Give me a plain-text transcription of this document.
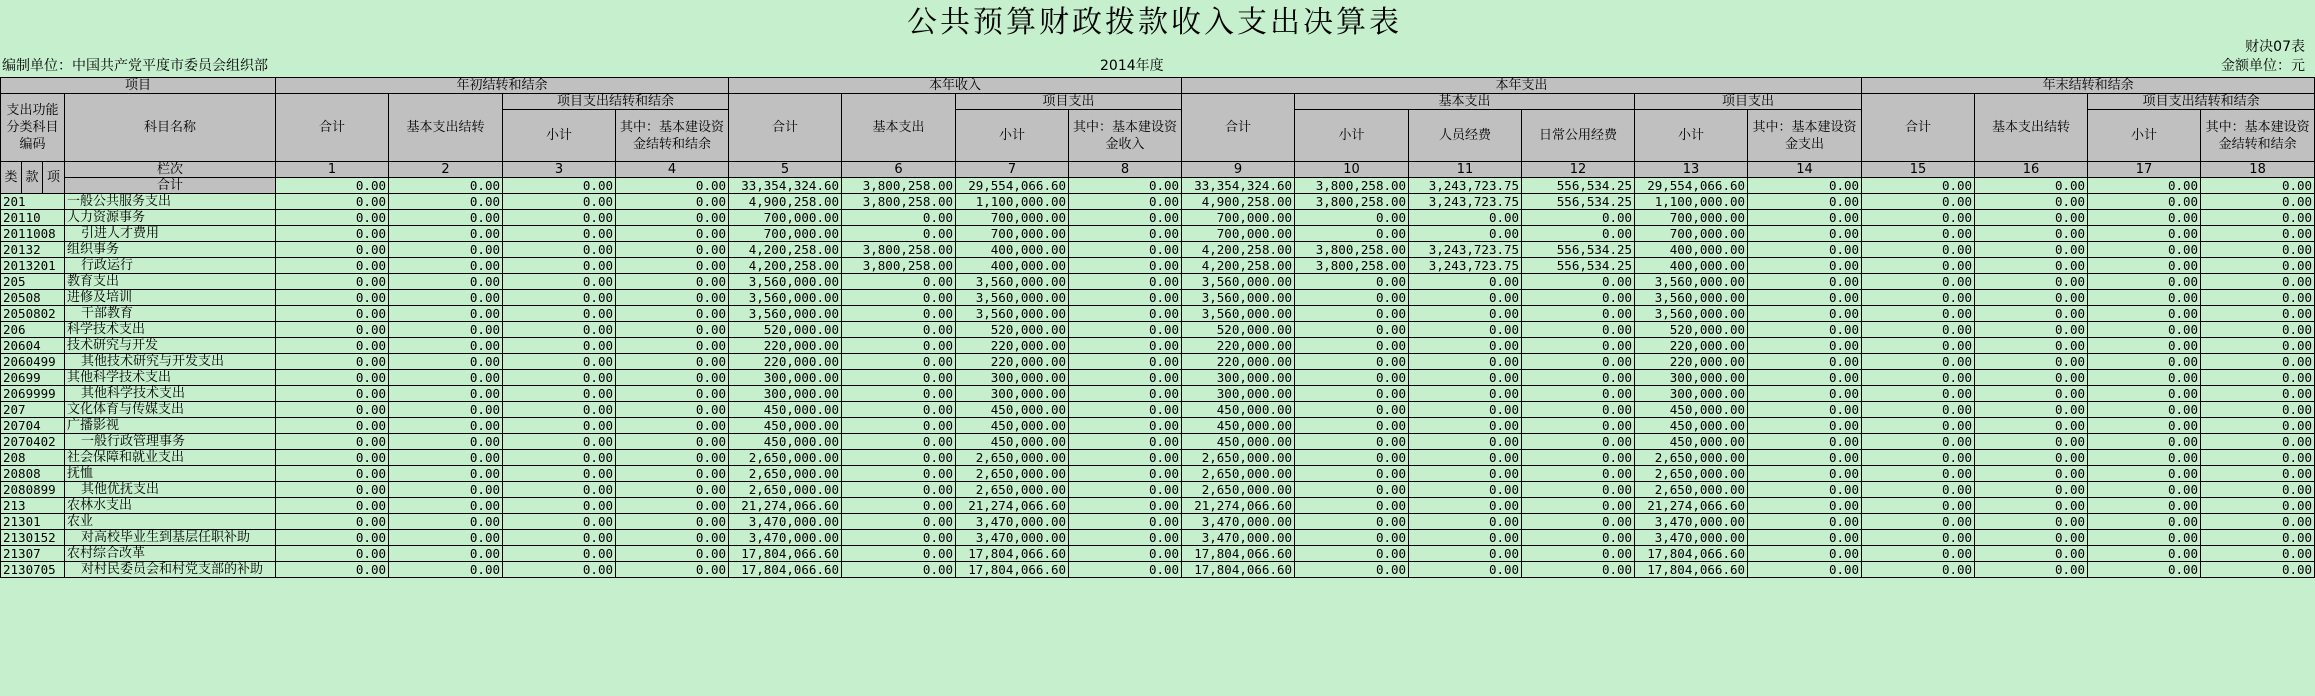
公共预算财政拨款收入支出决算表
财决07表
编制单位：中国共产党平度市委员会组织部	2014年度	金额单位：元
项目				年初结转和结余				本年收入				本年支出						年末结转和结余			
支出功能分类科目编码			科目名称	合计	基本支出结转	项目支出结转和结余		合计	基本支出	项目支出		合计	基本支出			项目支出		合计	基本支出结转	项目支出结转和结余	
						小计	其中：基本建设资金结转和结余			小计	其中：基本建设资金收入		小计	人员经费	日常公用经费	小计	其中：基本建设资金支出			小计	其中：基本建设资金结转和结余

类	款	项	栏次	1	2	3	4	5	6	7	8	9	10	11	12	13	14	15	16	17	18
			合计	0.00	0.00	0.00	0.00	33,354,324.60	3,800,258.00	29,554,066.60	0.00	33,354,324.60	3,800,258.00	3,243,723.75	556,534.25	29,554,066.60	0.00	0.00	0.00	0.00	0.00
201			一般公共服务支出	0.00	0.00	0.00	0.00	4,900,258.00	3,800,258.00	1,100,000.00	0.00	4,900,258.00	3,800,258.00	3,243,723.75	556,534.25	1,100,000.00	0.00	0.00	0.00	0.00	0.00
20110			人力资源事务	0.00	0.00	0.00	0.00	700,000.00	0.00	700,000.00	0.00	700,000.00	0.00	0.00	0.00	700,000.00	0.00	0.00	0.00	0.00	0.00
2011008			引进人才费用	0.00	0.00	0.00	0.00	700,000.00	0.00	700,000.00	0.00	700,000.00	0.00	0.00	0.00	700,000.00	0.00	0.00	0.00	0.00	0.00
20132			组织事务	0.00	0.00	0.00	0.00	4,200,258.00	3,800,258.00	400,000.00	0.00	4,200,258.00	3,800,258.00	3,243,723.75	556,534.25	400,000.00	0.00	0.00	0.00	0.00	0.00
2013201			行政运行	0.00	0.00	0.00	0.00	4,200,258.00	3,800,258.00	400,000.00	0.00	4,200,258.00	3,800,258.00	3,243,723.75	556,534.25	400,000.00	0.00	0.00	0.00	0.00	0.00
205			教育支出	0.00	0.00	0.00	0.00	3,560,000.00	0.00	3,560,000.00	0.00	3,560,000.00	0.00	0.00	0.00	3,560,000.00	0.00	0.00	0.00	0.00	0.00
20508			进修及培训	0.00	0.00	0.00	0.00	3,560,000.00	0.00	3,560,000.00	0.00	3,560,000.00	0.00	0.00	0.00	3,560,000.00	0.00	0.00	0.00	0.00	0.00
2050802			干部教育	0.00	0.00	0.00	0.00	3,560,000.00	0.00	3,560,000.00	0.00	3,560,000.00	0.00	0.00	0.00	3,560,000.00	0.00	0.00	0.00	0.00	0.00
206			科学技术支出	0.00	0.00	0.00	0.00	520,000.00	0.00	520,000.00	0.00	520,000.00	0.00	0.00	0.00	520,000.00	0.00	0.00	0.00	0.00	0.00
20604			技术研究与开发	0.00	0.00	0.00	0.00	220,000.00	0.00	220,000.00	0.00	220,000.00	0.00	0.00	0.00	220,000.00	0.00	0.00	0.00	0.00	0.00
2060499			其他技术研究与开发支出	0.00	0.00	0.00	0.00	220,000.00	0.00	220,000.00	0.00	220,000.00	0.00	0.00	0.00	220,000.00	0.00	0.00	0.00	0.00	0.00
20699			其他科学技术支出	0.00	0.00	0.00	0.00	300,000.00	0.00	300,000.00	0.00	300,000.00	0.00	0.00	0.00	300,000.00	0.00	0.00	0.00	0.00	0.00
2069999			其他科学技术支出	0.00	0.00	0.00	0.00	300,000.00	0.00	300,000.00	0.00	300,000.00	0.00	0.00	0.00	300,000.00	0.00	0.00	0.00	0.00	0.00
207			文化体育与传媒支出	0.00	0.00	0.00	0.00	450,000.00	0.00	450,000.00	0.00	450,000.00	0.00	0.00	0.00	450,000.00	0.00	0.00	0.00	0.00	0.00
20704			广播影视	0.00	0.00	0.00	0.00	450,000.00	0.00	450,000.00	0.00	450,000.00	0.00	0.00	0.00	450,000.00	0.00	0.00	0.00	0.00	0.00
2070402			一般行政管理事务	0.00	0.00	0.00	0.00	450,000.00	0.00	450,000.00	0.00	450,000.00	0.00	0.00	0.00	450,000.00	0.00	0.00	0.00	0.00	0.00
208			社会保障和就业支出	0.00	0.00	0.00	0.00	2,650,000.00	0.00	2,650,000.00	0.00	2,650,000.00	0.00	0.00	0.00	2,650,000.00	0.00	0.00	0.00	0.00	0.00
20808			抚恤	0.00	0.00	0.00	0.00	2,650,000.00	0.00	2,650,000.00	0.00	2,650,000.00	0.00	0.00	0.00	2,650,000.00	0.00	0.00	0.00	0.00	0.00
2080899			其他优抚支出	0.00	0.00	0.00	0.00	2,650,000.00	0.00	2,650,000.00	0.00	2,650,000.00	0.00	0.00	0.00	2,650,000.00	0.00	0.00	0.00	0.00	0.00
213			农林水支出	0.00	0.00	0.00	0.00	21,274,066.60	0.00	21,274,066.60	0.00	21,274,066.60	0.00	0.00	0.00	21,274,066.60	0.00	0.00	0.00	0.00	0.00
21301			农业	0.00	0.00	0.00	0.00	3,470,000.00	0.00	3,470,000.00	0.00	3,470,000.00	0.00	0.00	0.00	3,470,000.00	0.00	0.00	0.00	0.00	0.00
2130152			对高校毕业生到基层任职补助	0.00	0.00	0.00	0.00	3,470,000.00	0.00	3,470,000.00	0.00	3,470,000.00	0.00	0.00	0.00	3,470,000.00	0.00	0.00	0.00	0.00	0.00
21307			农村综合改革	0.00	0.00	0.00	0.00	17,804,066.60	0.00	17,804,066.60	0.00	17,804,066.60	0.00	0.00	0.00	17,804,066.60	0.00	0.00	0.00	0.00	0.00
2130705			对村民委员会和村党支部的补助	0.00	0.00	0.00	0.00	17,804,066.60	0.00	17,804,066.60	0.00	17,804,066.60	0.00	0.00	0.00	17,804,066.60	0.00	0.00	0.00	0.00	0.00
